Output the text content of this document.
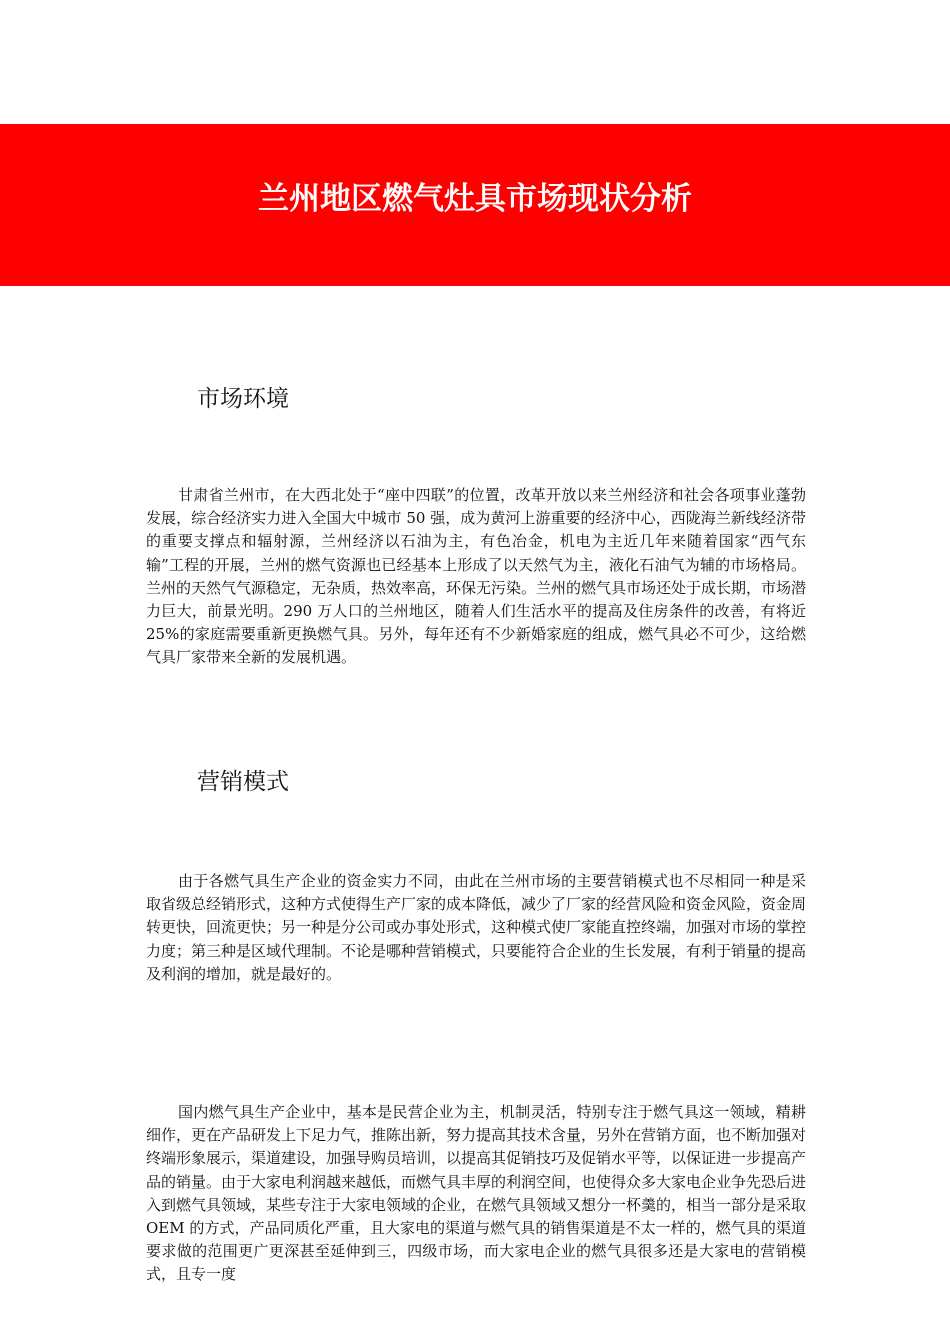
兰州地区燃气灶具市场现状分析
市场环境

甘肃省兰州市，在大西北处于“座中四联”的位置，改革开放以来兰州经济和社会各项事业蓬勃发展，综合经济实力进入全国大中城市 50 强，成为黄河上游重要的经济中心，西陇海兰新线经济带的重要支撑点和辐射源，兰州经济以石油为主，有色冶金，机电为主近几年来随着国家“西气东输”工程的开展，兰州的燃气资源也已经基本上形成了以天然气为主，液化石油气为辅的市场格局。兰州的天然气气源稳定，无杂质，热效率高，环保无污染。兰州的燃气具市场还处于成长期，市场潜力巨大，前景光明。290 万人口的兰州地区，随着人们生活水平的提高及住房条件的改善，有将近 25%的家庭需要重新更换燃气具。另外，每年还有不少新婚家庭的组成，燃气具必不可少，这给燃气具厂家带来全新的发展机遇。

营销模式

由于各燃气具生产企业的资金实力不同，由此在兰州市场的主要营销模式也不尽相同一种是采取省级总经销形式，这种方式使得生产厂家的成本降低，减少了厂家的经营风险和资金风险，资金周转更快，回流更快；另一种是分公司或办事处形式，这种模式使厂家能直控终端，加强对市场的掌控力度；第三种是区域代理制。不论是哪种营销模式，只要能符合企业的生长发展，有利于销量的提高及利润的增加，就是最好的。

国内燃气具生产企业中，基本是民营企业为主，机制灵活，特别专注于燃气具这一领域，精耕细作，更在产品研发上下足力气，推陈出新，努力提高其技术含量，另外在营销方面，也不断加强对终端形象展示，渠道建设，加强导购员培训，以提高其促销技巧及促销水平等，以保证进一步提高产品的销量。由于大家电利润越来越低，而燃气具丰厚的利润空间，也使得众多大家电企业争先恐后进入到燃气具领域，某些专注于大家电领域的企业，在燃气具领域又想分一杯羹的，相当一部分是采取 OEM 的方式，产品同质化严重，且大家电的渠道与燃气具的销售渠道是不太一样的，燃气具的渠道要求做的范围更广更深甚至延伸到三，四级市场，而大家电企业的燃气具很多还是大家电的营销模式，且专一度
